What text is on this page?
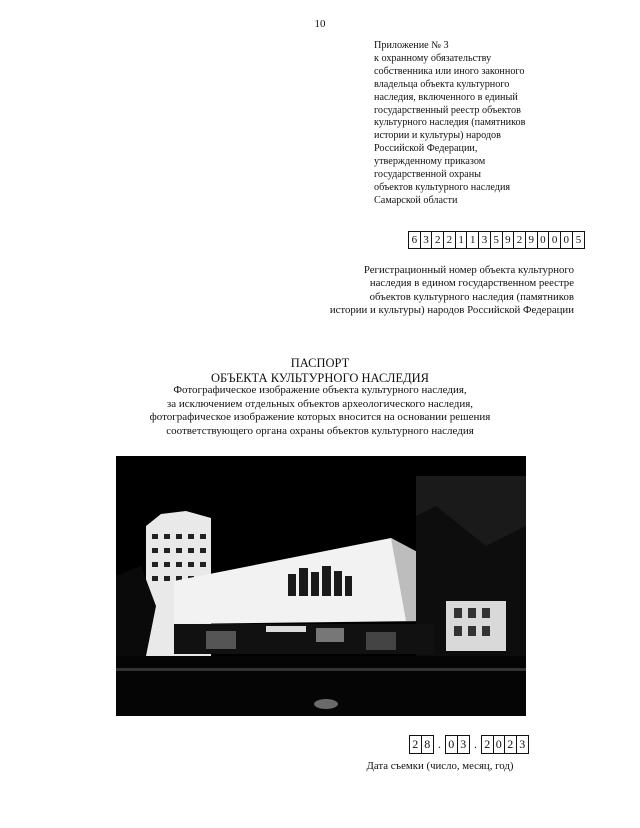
10
Приложение № 3
к охранному обязательству
собственника или иного законного
владельца объекта культурного
наследия, включенного в единый
государственный реестр объектов
культурного наследия (памятников
истории и культуры) народов
Российской Федерации,
утвержденному приказом
государственной охраны
объектов культурного наследия
Самарской области
6 3 2 2 1 1 3 5 9 2 9 0 0 0 5
Регистрационный номер объекта культурного
наследия в едином государственном реестре
объектов культурного наследия (памятников
истории и культуры) народов Российской Федерации
ПАСПОРТ
ОБЪЕКТА КУЛЬТУРНОГО НАСЛЕДИЯ
Фотографическое изображение объекта культурного наследия,
за исключением отдельных объектов археологического наследия,
фотографическое изображение которых вносится на основании решения
соответствующего органа охраны объектов культурного наследия
2 8 . 0 3 . 2 0 2 3
Дата съемки (число, месяц, год)
